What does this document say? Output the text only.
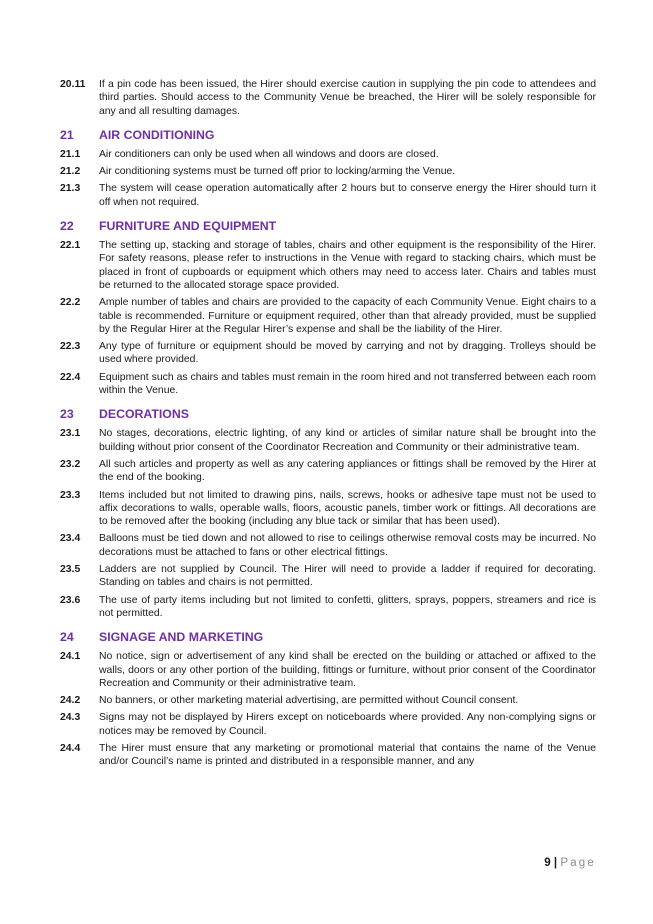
20.11	If a pin code has been issued, the Hirer should exercise caution in supplying the pin code to attendees and third parties. Should access to the Community Venue be breached, the Hirer will be solely responsible for any and all resulting damages.
21	AIR CONDITIONING
21.1	Air conditioners can only be used when all windows and doors are closed.
21.2	Air conditioning systems must be turned off prior to locking/arming the Venue.
21.3	The system will cease operation automatically after 2 hours but to conserve energy the Hirer should turn it off when not required.
22	FURNITURE AND EQUIPMENT
22.1	The setting up, stacking and storage of tables, chairs and other equipment is the responsibility of the Hirer. For safety reasons, please refer to instructions in the Venue with regard to stacking chairs, which must be placed in front of cupboards or equipment which others may need to access later. Chairs and tables must be returned to the allocated storage space provided.
22.2	Ample number of tables and chairs are provided to the capacity of each Community Venue. Eight chairs to a table is recommended. Furniture or equipment required, other than that already provided, must be supplied by the Regular Hirer at the Regular Hirer’s expense and shall be the liability of the Hirer.
22.3	Any type of furniture or equipment should be moved by carrying and not by dragging. Trolleys should be used where provided.
22.4	Equipment such as chairs and tables must remain in the room hired and not transferred between each room within the Venue.
23	DECORATIONS
23.1	No stages, decorations, electric lighting, of any kind or articles of similar nature shall be brought into the building without prior consent of the Coordinator Recreation and Community or their administrative team.
23.2	All such articles and property as well as any catering appliances or fittings shall be removed by the Hirer at the end of the booking.
23.3	Items included but not limited to drawing pins, nails, screws, hooks or adhesive tape must not be used to affix decorations to walls, operable walls, floors, acoustic panels, timber work or fittings. All decorations are to be removed after the booking (including any blue tack or similar that has been used).
23.4	Balloons must be tied down and not allowed to rise to ceilings otherwise removal costs may be incurred. No decorations must be attached to fans or other electrical fittings.
23.5	Ladders are not supplied by Council. The Hirer will need to provide a ladder if required for decorating. Standing on tables and chairs is not permitted.
23.6	The use of party items including but not limited to confetti, glitters, sprays, poppers, streamers and rice is not permitted.
24	SIGNAGE AND MARKETING
24.1	No notice, sign or advertisement of any kind shall be erected on the building or attached or affixed to the walls, doors or any other portion of the building, fittings or furniture, without prior consent of the Coordinator Recreation and Community or their administrative team.
24.2	No banners, or other marketing material advertising, are permitted without Council consent.
24.3	Signs may not be displayed by Hirers except on noticeboards where provided. Any non-complying signs or notices may be removed by Council.
24.4	The Hirer must ensure that any marketing or promotional material that contains the name of the Venue and/or Council’s name is printed and distributed in a responsible manner, and any
9 | Page
